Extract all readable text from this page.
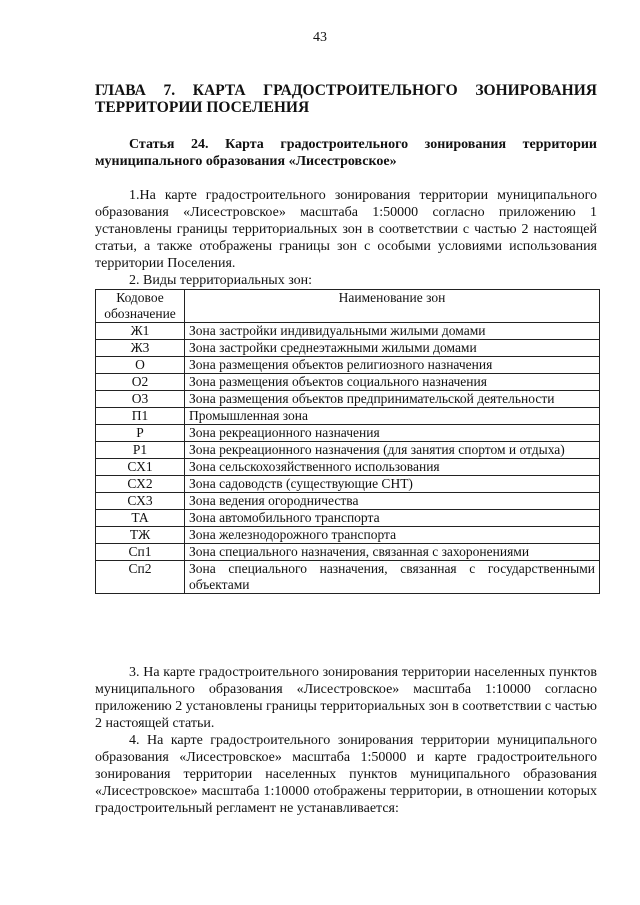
43
ГЛАВА 7. КАРТА ГРАДОСТРОИТЕЛЬНОГО ЗОНИРОВАНИЯ
ТЕРРИТОРИИ ПОСЕЛЕНИЯ
Статья 24. Карта градостроительного зонирования территории
муниципального образования «Лисестровское»
1.На карте градостроительного зонирования территории муниципального образования «Лисестровское» масштаба 1:50000 согласно приложению 1 установлены границы территориальных зон в соответствии с частью 2 настоящей статьи, а также отображены границы зон с особыми условиями использования территории Поселения.
2. Виды территориальных зон:
Кодовое обозначение	Наименование зон
Ж1	Зона застройки индивидуальными жилыми домами
Ж3	Зона застройки среднеэтажными жилыми домами
О	Зона размещения объектов религиозного назначения
О2	Зона размещения объектов социального назначения
О3	Зона размещения объектов предпринимательской деятельности
П1	Промышленная зона
Р	Зона рекреационного назначения
Р1	Зона рекреационного назначения (для занятия спортом и отдыха)
СХ1	Зона сельскохозяйственного использования
СХ2	Зона садоводств (существующие СНТ)
СХ3	Зона ведения огородничества
ТА	Зона автомобильного транспорта
ТЖ	Зона железнодорожного транспорта
Сп1	Зона специального назначения, связанная с захоронениями
Сп2	Зона специального назначения, связанная с государственными объектами
3. На карте градостроительного зонирования территории населенных пунктов муниципального образования «Лисестровское» масштаба 1:10000 согласно приложению 2 установлены границы территориальных зон в соответствии с частью 2 настоящей статьи.
4. На карте градостроительного зонирования территории муниципального образования «Лисестровское» масштаба 1:50000 и карте градостроительного зонирования территории населенных пунктов муниципального образования «Лисестровское» масштаба 1:10000 отображены территории, в отношении которых градостроительный регламент не устанавливается:
